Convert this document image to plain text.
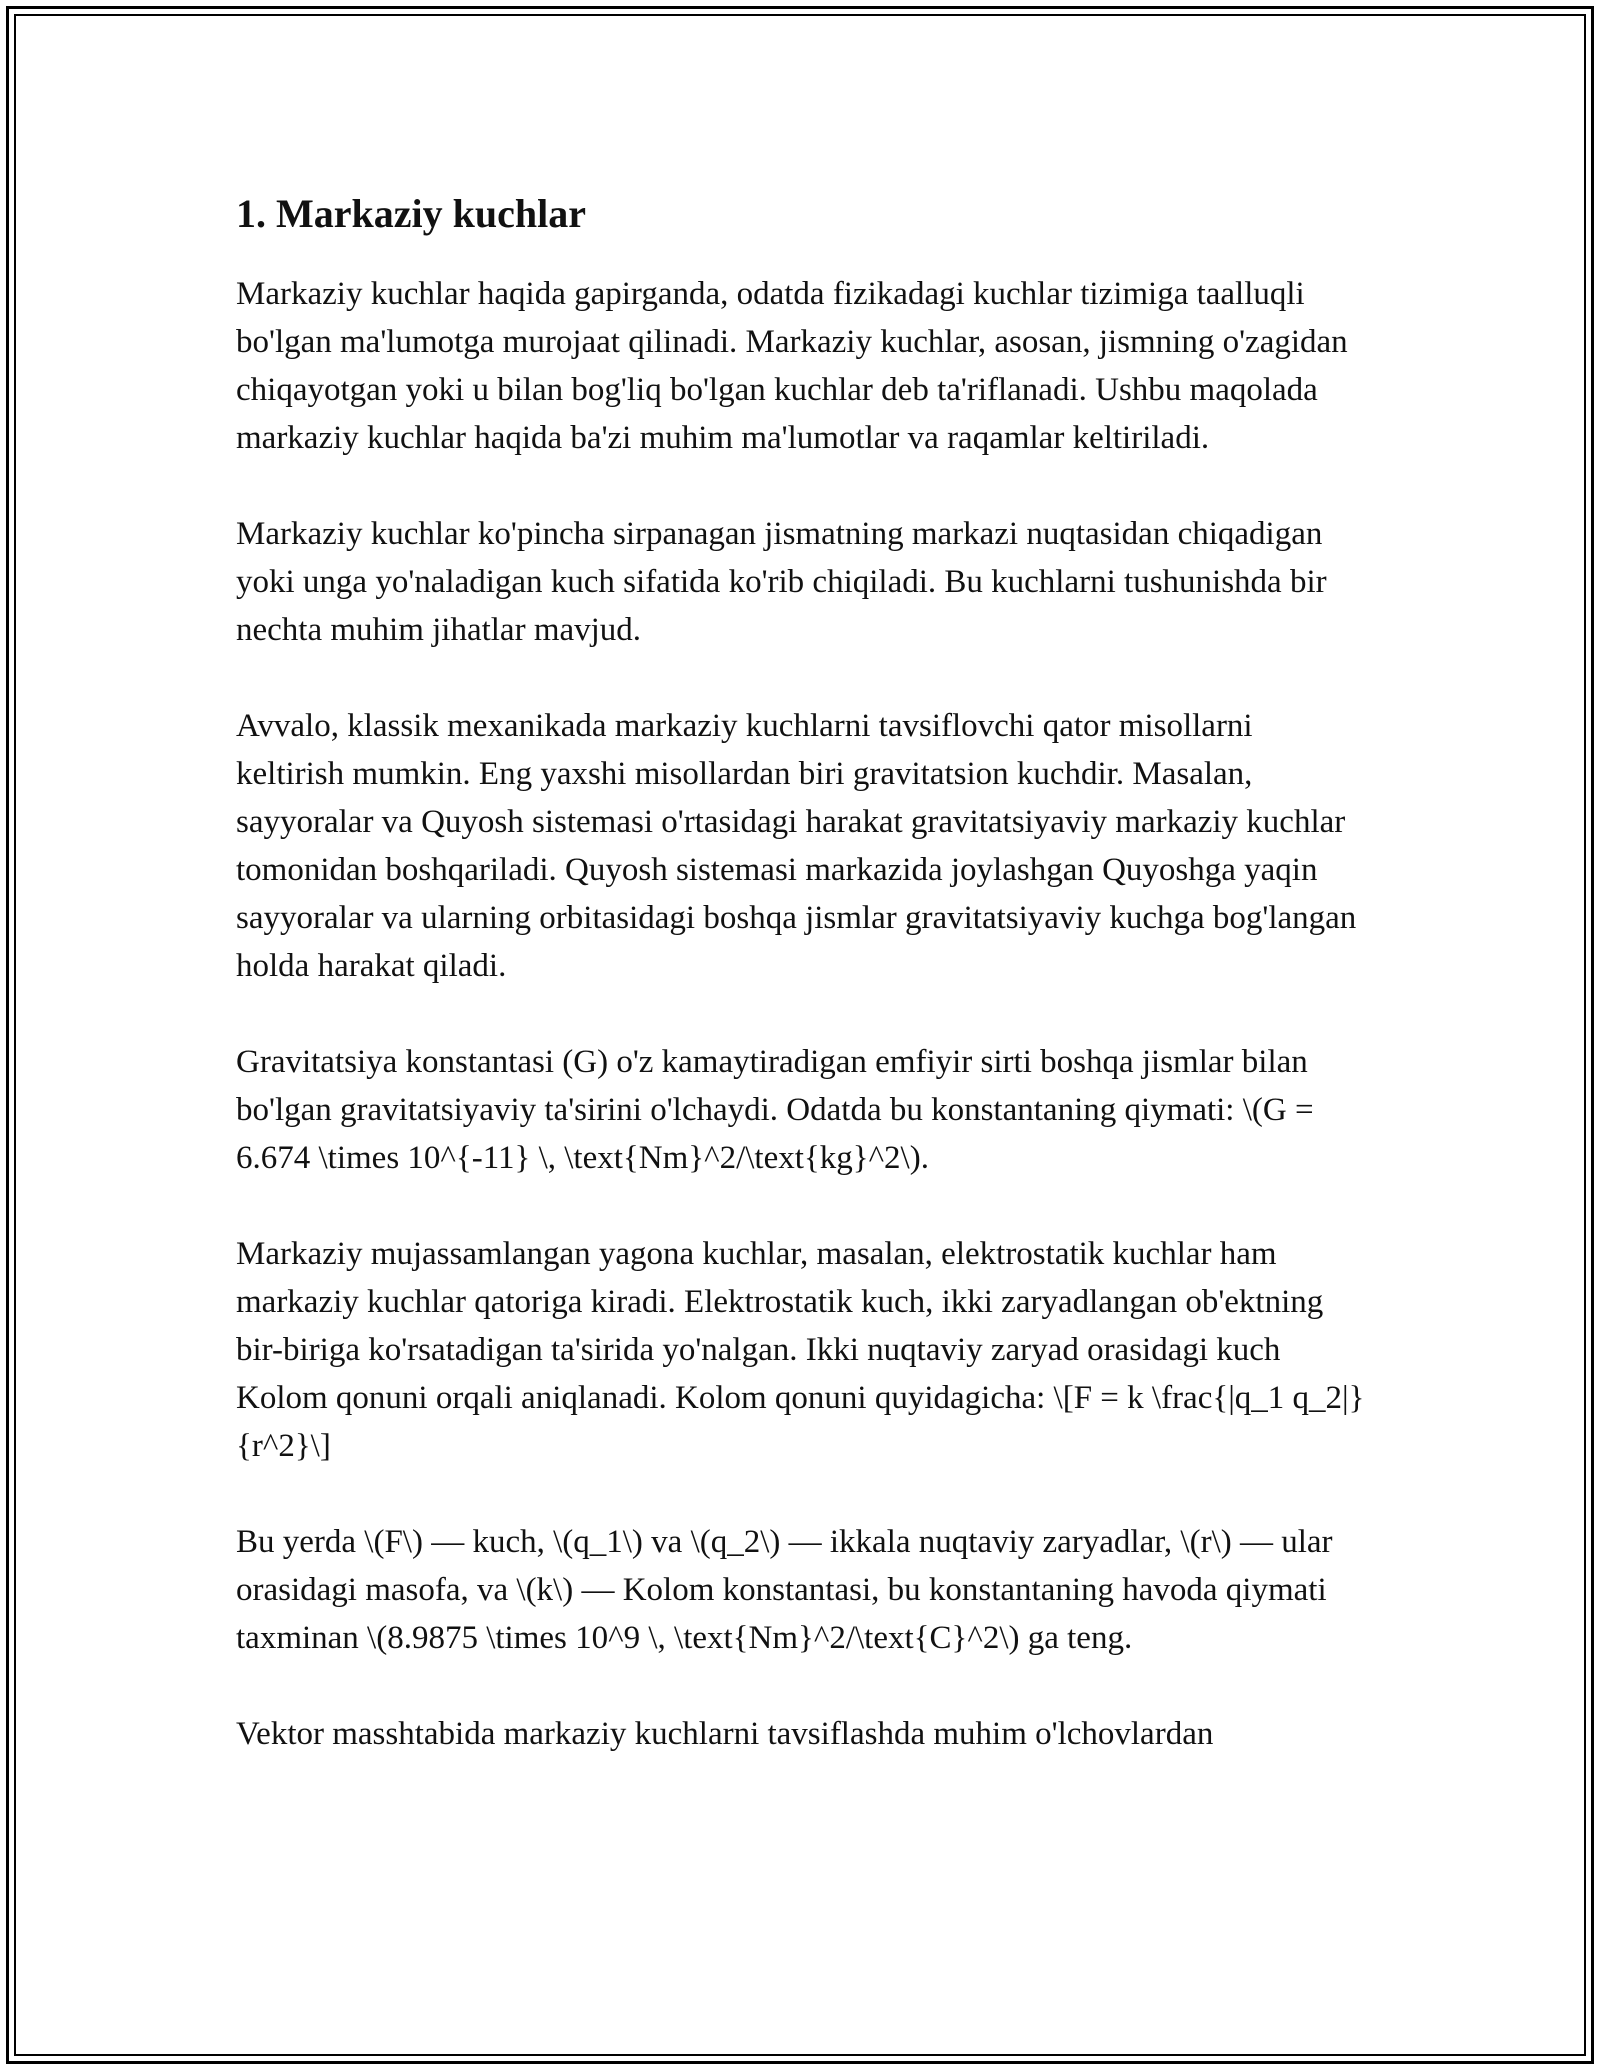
1. Markaziy kuchlar

Markaziy kuchlar haqida gapirganda, odatda fizikadagi kuchlar tizimiga taalluqli bo'lgan ma'lumotga murojaat qilinadi. Markaziy kuchlar, asosan, jismning o'zagidan chiqayotgan yoki u bilan bog'liq bo'lgan kuchlar deb ta'riflanadi. Ushbu maqolada markaziy kuchlar haqida ba'zi muhim ma'lumotlar va raqamlar keltiriladi.

Markaziy kuchlar ko'pincha sirpanagan jismatning markazi nuqtasidan chiqadigan yoki unga yo'naladigan kuch sifatida ko'rib chiqiladi. Bu kuchlarni tushunishda bir nechta muhim jihatlar mavjud.

Avvalo, klassik mexanikada markaziy kuchlarni tavsiflovchi qator misollarni keltirish mumkin. Eng yaxshi misollardan biri gravitatsion kuchdir. Masalan, sayyoralar va Quyosh sistemasi o'rtasidagi harakat gravitatsiyaviy markaziy kuchlar tomonidan boshqariladi. Quyosh sistemasi markazida joylashgan Quyoshga yaqin sayyoralar va ularning orbitasidagi boshqa jismlar gravitatsiyaviy kuchga bog'langan holda harakat qiladi.

Gravitatsiya konstantasi (G) o'z kamaytiradigan emfiyir sirti boshqa jismlar bilan bo'lgan gravitatsiyaviy ta'sirini o'lchaydi. Odatda bu konstantaning qiymati: \(G = 6.674 \times 10^{-11} \, \text{Nm}^2/\text{kg}^2\).

Markaziy mujassamlangan yagona kuchlar, masalan, elektrostatik kuchlar ham markaziy kuchlar qatoriga kiradi. Elektrostatik kuch, ikki zaryadlangan ob'ektning bir-biriga ko'rsatadigan ta'sirida yo'nalgan. Ikki nuqtaviy zaryad orasidagi kuch Kolom qonuni orqali aniqlanadi. Kolom qonuni quyidagicha: \[F = k \frac{|q_1 q_2|}{r^2}\]

Bu yerda \(F\) — kuch, \(q_1\) va \(q_2\) — ikkala nuqtaviy zaryadlar, \(r\) — ular orasidagi masofa, va \(k\) — Kolom konstantasi, bu konstantaning havoda qiymati taxminan \(8.9875 \times 10^9 \, \text{Nm}^2/\text{C}^2\) ga teng.

Vektor masshtabida markaziy kuchlarni tavsiflashda muhim o'lchovlardan
